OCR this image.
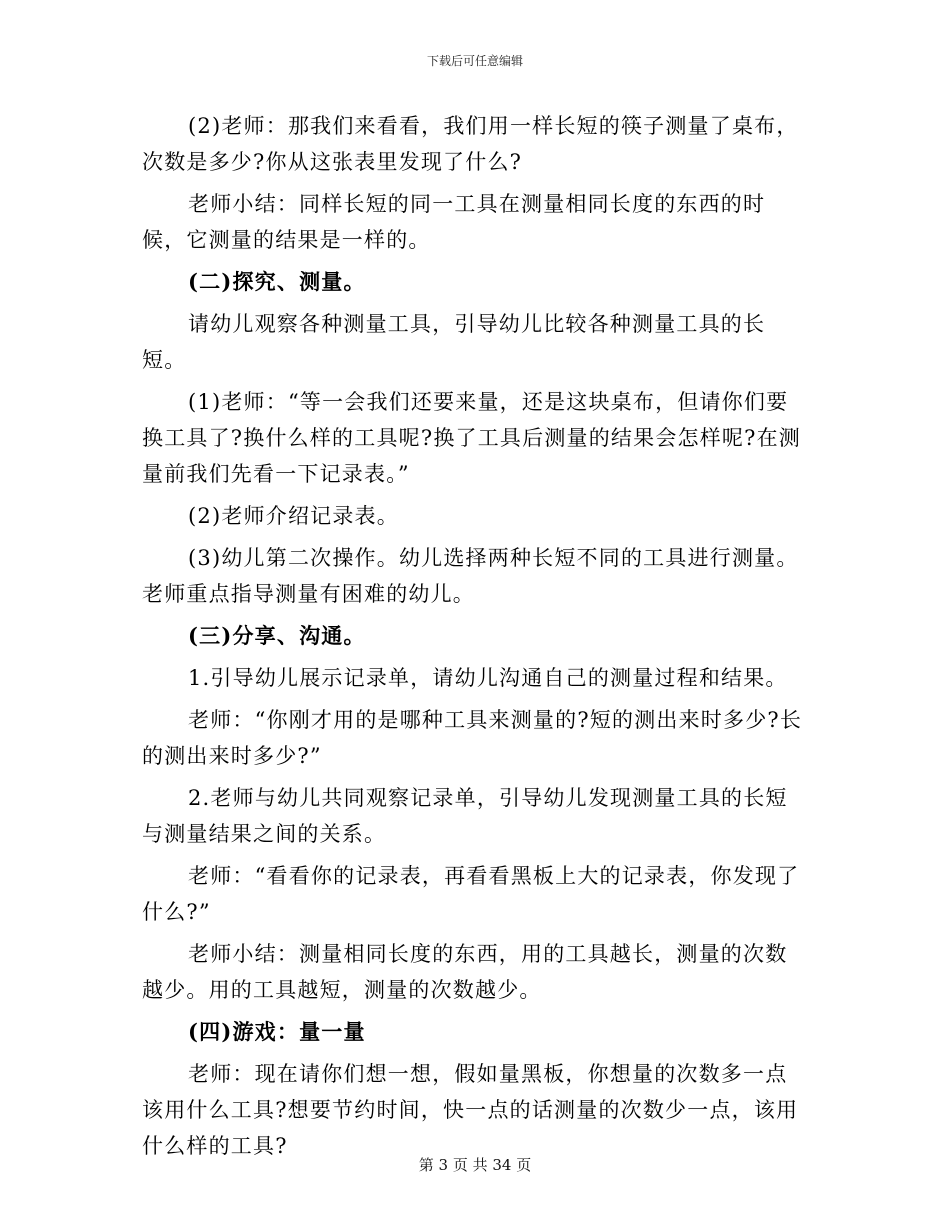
下载后可任意编辑

(2)老师：那我们来看看，我们用一样长短的筷子测量了桌布，次数是多少?你从这张表里发现了什么?

老师小结：同样长短的同一工具在测量相同长度的东西的时候，它测量的结果是一样的。

(二)探究、测量。

请幼儿观察各种测量工具，引导幼儿比较各种测量工具的长短。

(1)老师：“等一会我们还要来量，还是这块桌布，但请你们要换工具了?换什么样的工具呢?换了工具后测量的结果会怎样呢?在测量前我们先看一下记录表。”

(2)老师介绍记录表。

(3)幼儿第二次操作。幼儿选择两种长短不同的工具进行测量。老师重点指导测量有困难的幼儿。

(三)分享、沟通。

1.引导幼儿展示记录单，请幼儿沟通自己的测量过程和结果。

老师：“你刚才用的是哪种工具来测量的?短的测出来时多少?长的测出来时多少?”

2.老师与幼儿共同观察记录单，引导幼儿发现测量工具的长短与测量结果之间的关系。

老师：“看看你的记录表，再看看黑板上大的记录表，你发现了什么?”

老师小结：测量相同长度的东西，用的工具越长，测量的次数越少。用的工具越短，测量的次数越少。

(四)游戏：量一量

老师：现在请你们想一想，假如量黑板，你想量的次数多一点该用什么工具?想要节约时间，快一点的话测量的次数少一点，该用什么样的工具?

第 3 页 共 34 页
